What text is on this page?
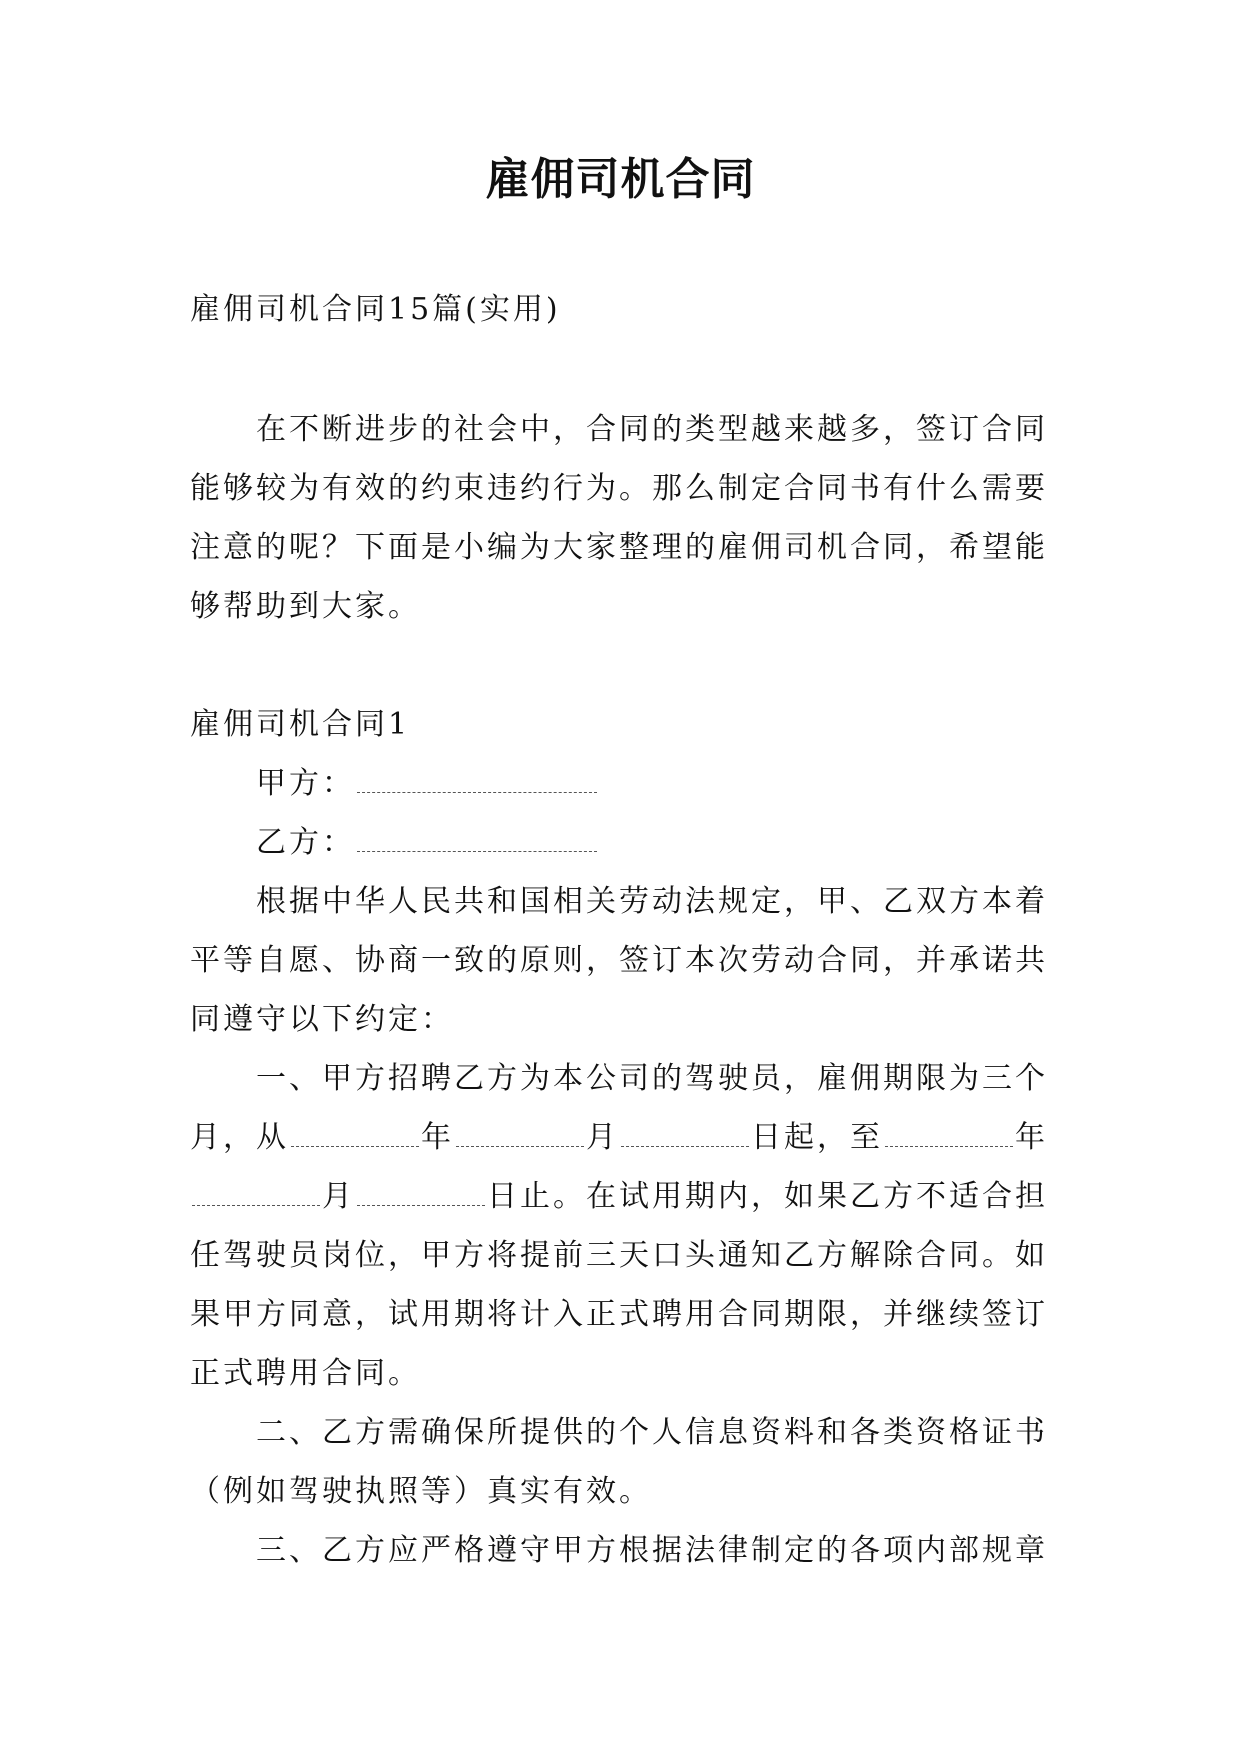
雇佣司机合同
雇佣司机合同15篇(实用)

在不断进步的社会中，合同的类型越来越多，签订合同能够较为有效的约束违约行为。那么制定合同书有什么需要注意的呢？下面是小编为大家整理的雇佣司机合同，希望能够帮助到大家。

雇佣司机合同1

甲方：

乙方：

根据中华人民共和国相关劳动法规定，甲、乙双方本着平等自愿、协商一致的原则，签订本次劳动合同，并承诺共同遵守以下约定：

一、甲方招聘乙方为本公司的驾驶员，雇佣期限为三个月，从	年	月	日起，至	年月	日止。在试用期内，如果乙方不适合担任驾驶员岗位，甲方将提前三天口头通知乙方解除合同。如果甲方同意，试用期将计入正式聘用合同期限，并继续签订正式聘用合同。

二、乙方需确保所提供的个人信息资料和各类资格证书（例如驾驶执照等）真实有效。

三、乙方应严格遵守甲方根据法律制定的各项内部规章
